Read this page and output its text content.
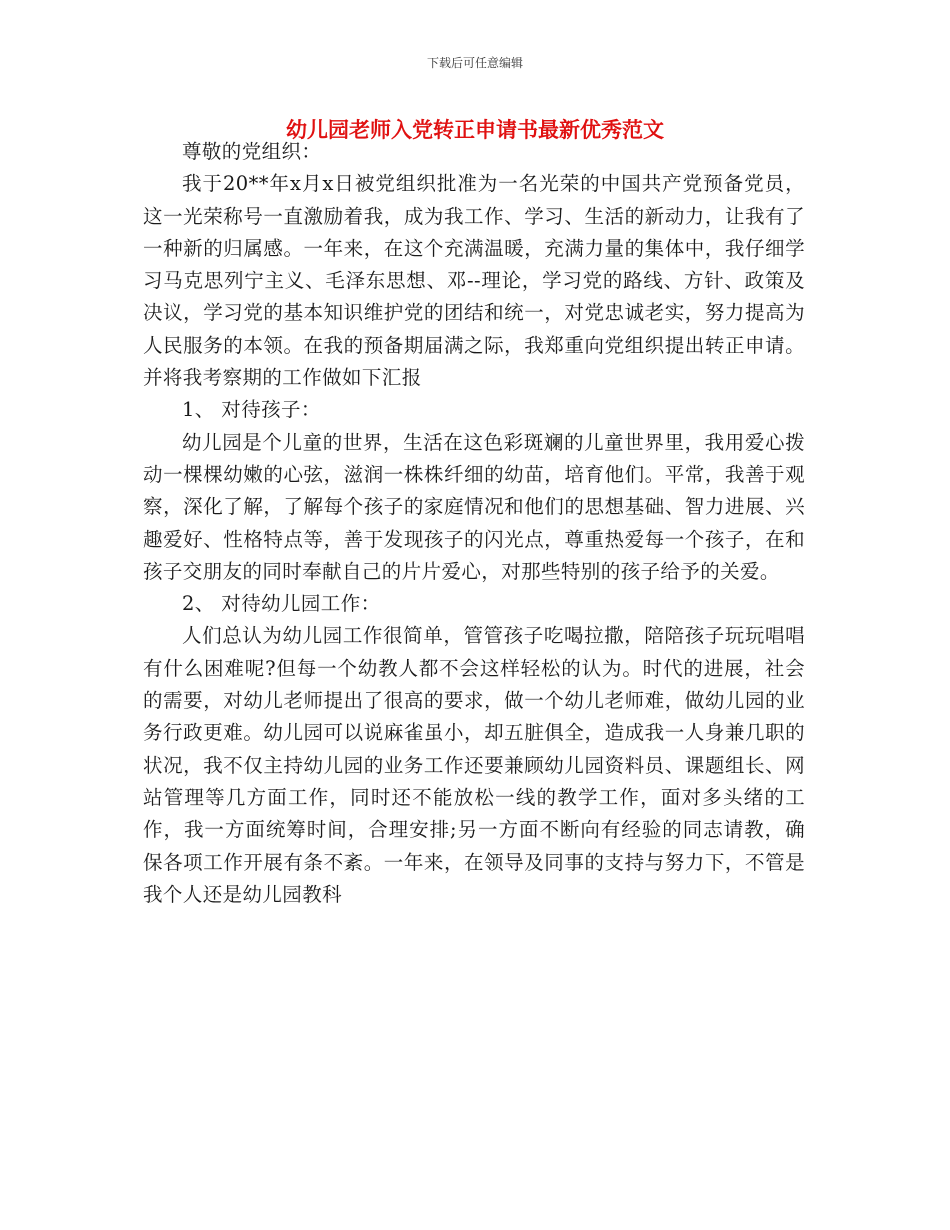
下载后可任意编辑
幼儿园老师入党转正申请书最新优秀范文

尊敬的党组织：

我于20**年x月x日被党组织批准为一名光荣的中国共产党预备党员，这一光荣称号一直激励着我，成为我工作、学习、生活的新动力，让我有了一种新的归属感。一年来，在这个充满温暖，充满力量的集体中，我仔细学习马克思列宁主义、毛泽东思想、邓--理论，学习党的路线、方针、政策及决议，学习党的基本知识维护党的团结和统一，对党忠诚老实，努力提高为人民服务的本领。在我的预备期届满之际，我郑重向党组织提出转正申请。并将我考察期的工作做如下汇报

1、 对待孩子：

幼儿园是个儿童的世界，生活在这色彩斑斓的儿童世界里，我用爱心拨动一棵棵幼嫩的心弦，滋润一株株纤细的幼苗，培育他们。平常，我善于观察，深化了解，了解每个孩子的家庭情况和他们的思想基础、智力进展、兴趣爱好、性格特点等，善于发现孩子的闪光点，尊重热爱每一个孩子，在和孩子交朋友的同时奉献自己的片片爱心，对那些特别的孩子给予的关爱。

2、 对待幼儿园工作：

人们总认为幼儿园工作很简单，管管孩子吃喝拉撒，陪陪孩子玩玩唱唱有什么困难呢?但每一个幼教人都不会这样轻松的认为。时代的进展，社会的需要，对幼儿老师提出了很高的要求，做一个幼儿老师难，做幼儿园的业务行政更难。幼儿园可以说麻雀虽小，却五脏俱全，造成我一人身兼几职的状况，我不仅主持幼儿园的业务工作还要兼顾幼儿园资料员、课题组长、网站管理等几方面工作，同时还不能放松一线的教学工作，面对多头绪的工作，我一方面统筹时间，合理安排;另一方面不断向有经验的同志请教，确保各项工作开展有条不紊。一年来，在领导及同事的支持与努力下，不管是我个人还是幼儿园教科
